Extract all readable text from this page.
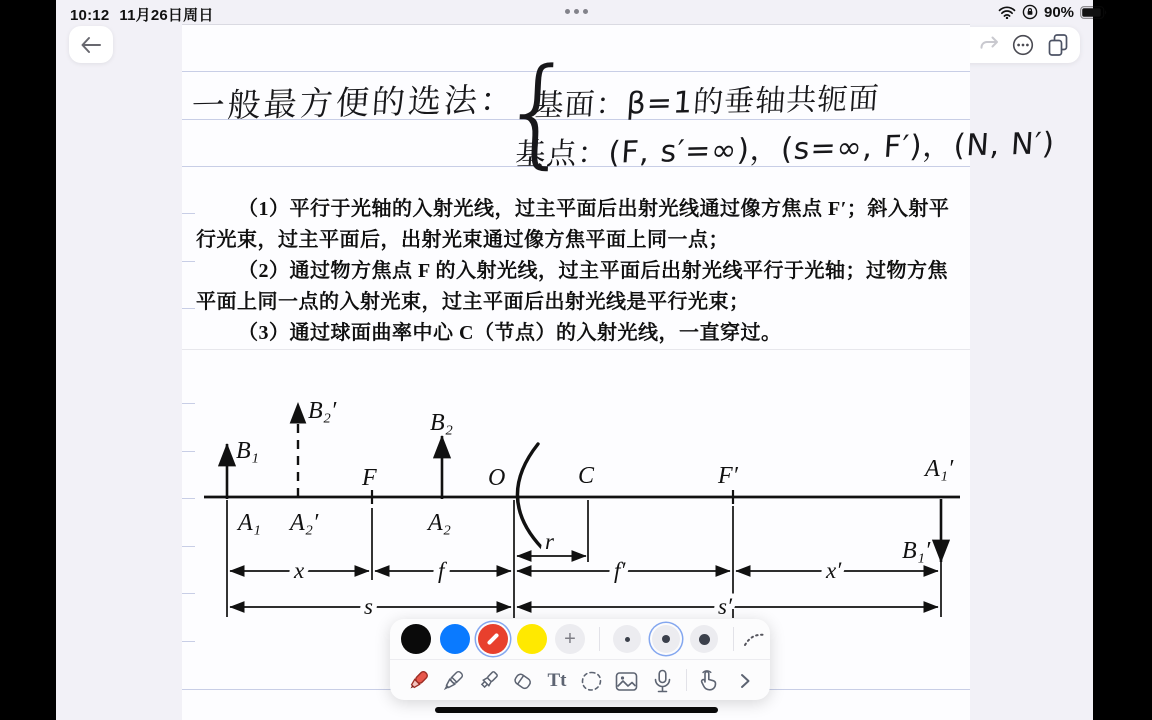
10:12 11月26日周日	90%
一般最方便的选法：
{
基面：β=1的垂轴共轭面
基点：(F, s′=∞)，(s=∞, F′)，(N, N′)

（1）平行于光轴的入射光线，过主平面后出射光线通过像方焦点 F′；斜入射平行光束，过主平面后，出射光束通过像方焦平面上同一点；

（2）通过物方焦点 F 的入射光线，过主平面后出射光线平行于光轴；过物方焦平面上同一点的入射光束，过主平面后出射光线是平行光束；

（3）通过球面曲率中心 C（节点）的入射光线，一直穿过。

B₁
B₂′
F
B₂
O	C	F′	A₁′
A₁ A₂′	A₂
B₁′
r
x	f	f′	x′
s	s′
+
Tt
